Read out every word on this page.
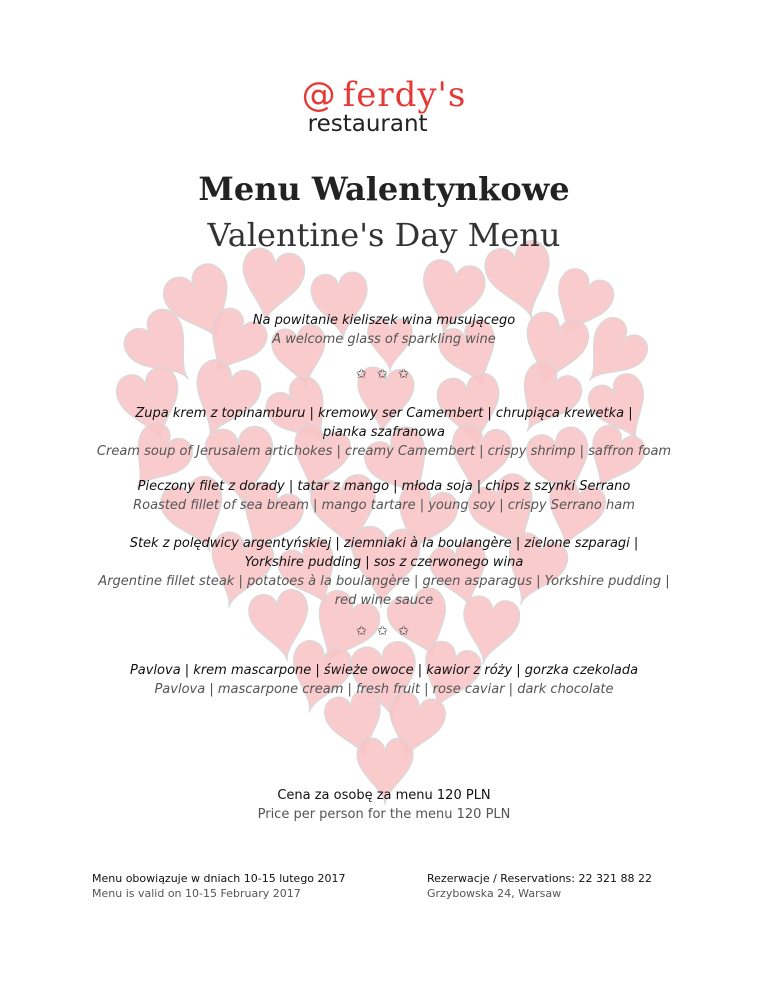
@ ferdy's
restaurant
Menu Walentynkowe
Valentine's Day Menu
Na powitanie kieliszek wina musującego
A welcome glass of sparkling wine
✩ ✩ ✩
Zupa krem z topinamburu | kremowy ser Camembert | chrupiąca krewetka |
pianka szafranowa
Cream soup of Jerusalem artichokes | creamy Camembert | crispy shrimp | saffron foam
Pieczony filet z dorady | tatar z mango | młoda soja | chips z szynki Serrano
Roasted fillet of sea bream | mango tartare | young soy | crispy Serrano ham
Stek z polędwicy argentyńskiej | ziemniaki à la boulangère | zielone szparagi |
Yorkshire pudding | sos z czerwonego wina
Argentine fillet steak | potatoes à la boulangère | green asparagus | Yorkshire pudding |
red wine sauce
✩ ✩ ✩
Pavlova | krem mascarpone | świeże owoce | kawior z róży | gorzka czekolada
Pavlova | mascarpone cream | fresh fruit | rose caviar | dark chocolate
Cena za osobę za menu 120 PLN
Price per person for the menu 120 PLN
Menu obowiązuje w dniach 10-15 lutego 2017
Menu is valid on 10-15 February 2017
Rezerwacje / Reservations: 22 321 88 22
Grzybowska 24, Warsaw
